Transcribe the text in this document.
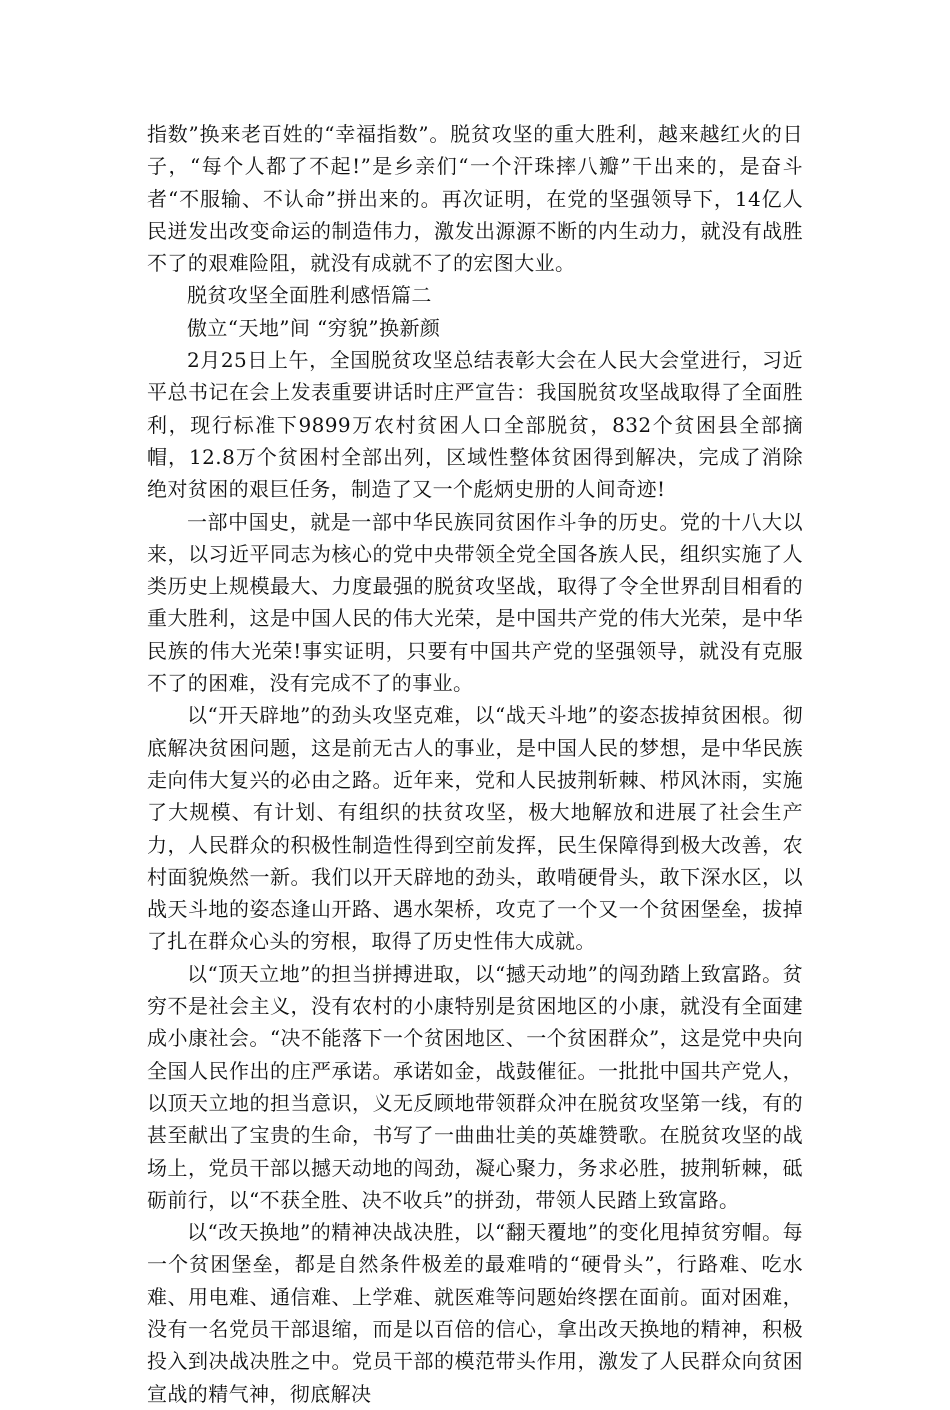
指数”换来老百姓的“幸福指数”。脱贫攻坚的重大胜利，越来越红火的日子，“每个人都了不起!”是乡亲们“一个汗珠摔八瓣”干出来的，是奋斗者“不服输、不认命”拼出来的。再次证明，在党的坚强领导下，14亿人民迸发出改变命运的制造伟力，激发出源源不断的内生动力，就没有战胜不了的艰难险阻，就没有成就不了的宏图大业。

脱贫攻坚全面胜利感悟篇二

傲立“天地”间 “穷貌”换新颜

2月25日上午，全国脱贫攻坚总结表彰大会在人民大会堂进行，习近平总书记在会上发表重要讲话时庄严宣告：我国脱贫攻坚战取得了全面胜利，现行标准下9899万农村贫困人口全部脱贫，832个贫困县全部摘帽，12.8万个贫困村全部出列，区域性整体贫困得到解决，完成了消除绝对贫困的艰巨任务，制造了又一个彪炳史册的人间奇迹!

一部中国史，就是一部中华民族同贫困作斗争的历史。党的十八大以来，以习近平同志为核心的党中央带领全党全国各族人民，组织实施了人类历史上规模最大、力度最强的脱贫攻坚战，取得了令全世界刮目相看的重大胜利，这是中国人民的伟大光荣，是中国共产党的伟大光荣，是中华民族的伟大光荣!事实证明，只要有中国共产党的坚强领导，就没有克服不了的困难，没有完成不了的事业。

以“开天辟地”的劲头攻坚克难，以“战天斗地”的姿态拔掉贫困根。彻底解决贫困问题，这是前无古人的事业，是中国人民的梦想，是中华民族走向伟大复兴的必由之路。近年来，党和人民披荆斩棘、栉风沐雨，实施了大规模、有计划、有组织的扶贫攻坚，极大地解放和进展了社会生产力，人民群众的积极性制造性得到空前发挥，民生保障得到极大改善，农村面貌焕然一新。我们以开天辟地的劲头，敢啃硬骨头，敢下深水区，以战天斗地的姿态逢山开路、遇水架桥，攻克了一个又一个贫困堡垒，拔掉了扎在群众心头的穷根，取得了历史性伟大成就。

以“顶天立地”的担当拼搏进取，以“撼天动地”的闯劲踏上致富路。贫穷不是社会主义，没有农村的小康特别是贫困地区的小康，就没有全面建成小康社会。“决不能落下一个贫困地区、一个贫困群众”，这是党中央向全国人民作出的庄严承诺。承诺如金，战鼓催征。一批批中国共产党人，以顶天立地的担当意识，义无反顾地带领群众冲在脱贫攻坚第一线，有的甚至献出了宝贵的生命，书写了一曲曲壮美的英雄赞歌。在脱贫攻坚的战场上，党员干部以撼天动地的闯劲，凝心聚力，务求必胜，披荆斩棘，砥砺前行，以“不获全胜、决不收兵”的拼劲，带领人民踏上致富路。

以“改天换地”的精神决战决胜，以“翻天覆地”的变化甩掉贫穷帽。每一个贫困堡垒，都是自然条件极差的最难啃的“硬骨头”，行路难、吃水难、用电难、通信难、上学难、就医难等问题始终摆在面前。面对困难，没有一名党员干部退缩，而是以百倍的信心，拿出改天换地的精神，积极投入到决战决胜之中。党员干部的模范带头作用，激发了人民群众向贫困宣战的精气神，彻底解决
